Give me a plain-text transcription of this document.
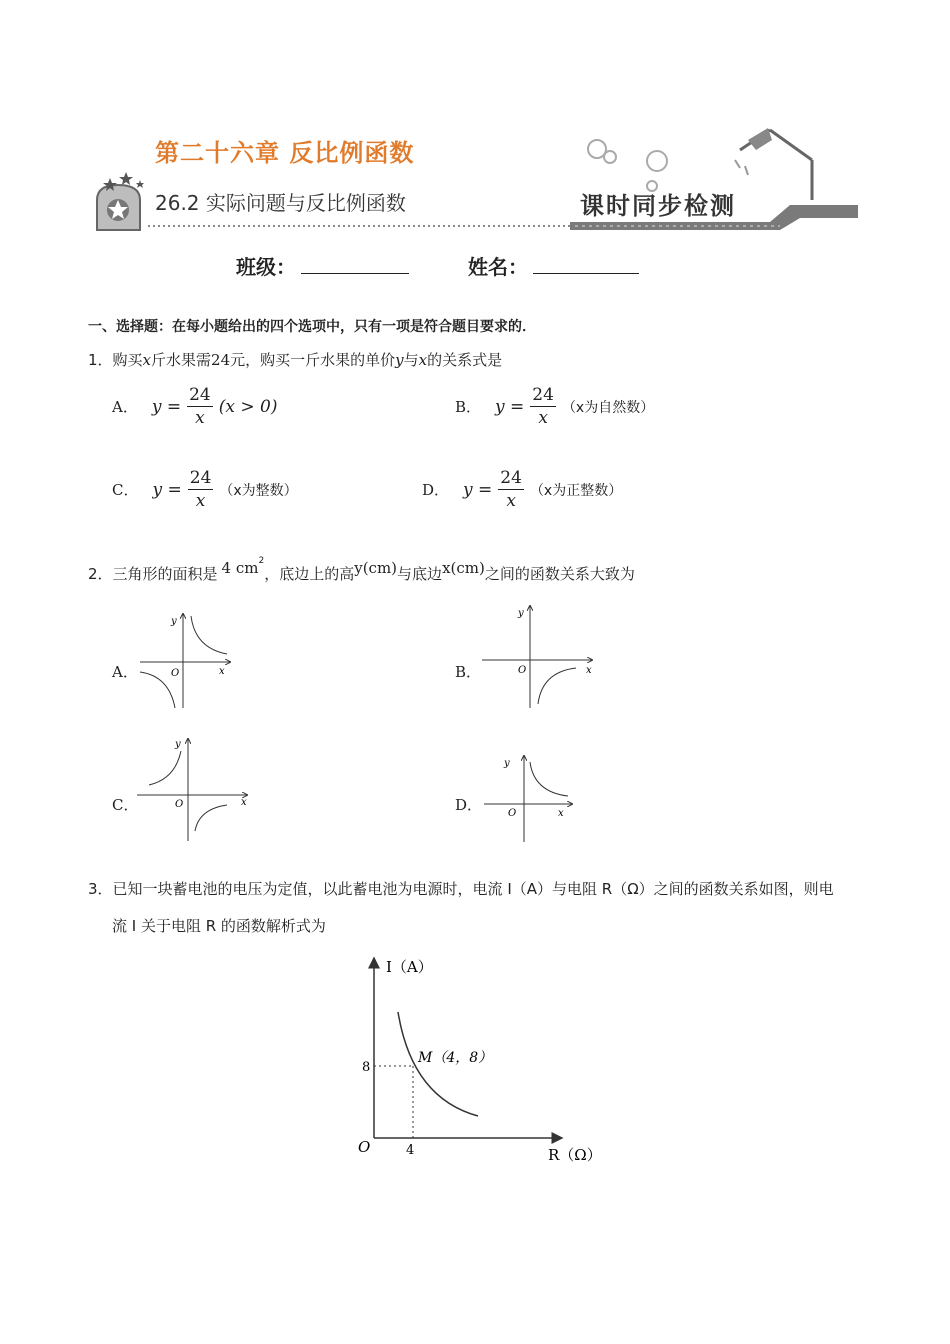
第二十六章 反比例函数
26.2 实际问题与反比例函数	课时同步检测
班级：	姓名：
一、选择题：在每小题给出的四个选项中，只有一项是符合题目要求的．
1．购买x斤水果需24元，购买一斤水果的单价y与x的关系式是
A． $y = \frac{24}{x} (x > 0)$	B． $y = \frac{24}{x} (x$为自然数）
C． $y = \frac{24}{x} (x$为整数）	D． $y = \frac{24}{x} (x$为正整数）
2．三角形的面积是 4 $cm^2$，底边上的高y(cm)与底边x(cm)之间的函数关系大致为
A．	B．
C．	D．
y
x
O
y
x
O
y
x
O
y
x
O
3．已知一块蓄电池的电压为定值，以此蓄电池为电源时，电流 I（A）与电阻 R（Ω）之间的函数关系如图，则电
流 I 关于电阻 R 的函数解析式为
I（A）
R（Ω）
O
8
4
M（4，8）
